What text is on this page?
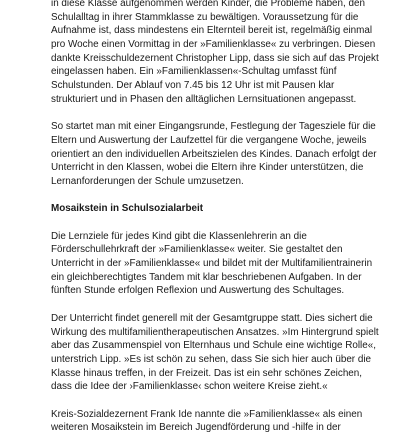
in diese Klasse aufgenommen werden Kinder, die Probleme haben, den
Schulalltag in ihrer Stammklasse zu bewältigen. Voraussetzung für die
Aufnahme ist, dass mindestens ein Elternteil bereit ist, regelmäßig einmal
pro Woche einen Vormittag in der »Familienklasse« zu verbringen. Diesen
dankte Kreisschuldezernent Christopher Lipp, dass sie sich auf das Projekt
eingelassen haben. Ein »Familienklassen«-Schultag umfasst fünf
Schulstunden. Der Ablauf von 7.45 bis 12 Uhr ist mit Pausen klar
strukturiert und in Phasen den alltäglichen Lernsituationen angepasst.
So startet man mit einer Eingangsrunde, Festlegung der Tagesziele für die
Eltern und Auswertung der Laufzettel für die vergangene Woche, jeweils
orientiert an den individuellen Arbeitszielen des Kindes. Danach erfolgt der
Unterricht in den Klassen, wobei die Eltern ihre Kinder unterstützen, die
Lernanforderungen der Schule umzusetzen.
Mosaikstein in Schulsozialarbeit
Die Lernziele für jedes Kind gibt die Klassenlehrerin an die
Förderschullehrkraft der »Familienklasse« weiter. Sie gestaltet den
Unterricht in der »Familienklasse« und bildet mit der Multifamilientrainerin
ein gleichberechtigtes Tandem mit klar beschriebenen Aufgaben. In der
fünften Stunde erfolgen Reflexion und Auswertung des Schultages.
Der Unterricht findet generell mit der Gesamtgruppe statt. Dies sichert die
Wirkung des multifamilientherapeutischen Ansatzes. »Im Hintergrund spielt
aber das Zusammenspiel von Elternhaus und Schule eine wichtige Rolle«,
unterstrich Lipp. »Es ist schön zu sehen, dass Sie sich hier auch über die
Klasse hinaus treffen, in der Freizeit. Das ist ein sehr schönes Zeichen,
dass die Idee der ›Familienklasse‹ schon weitere Kreise zieht.«
Kreis-Sozialdezernent Frank Ide nannte die »Familienklasse« als einen
weiteren Mosaikstein im Bereich Jugendförderung und -hilfe in der
